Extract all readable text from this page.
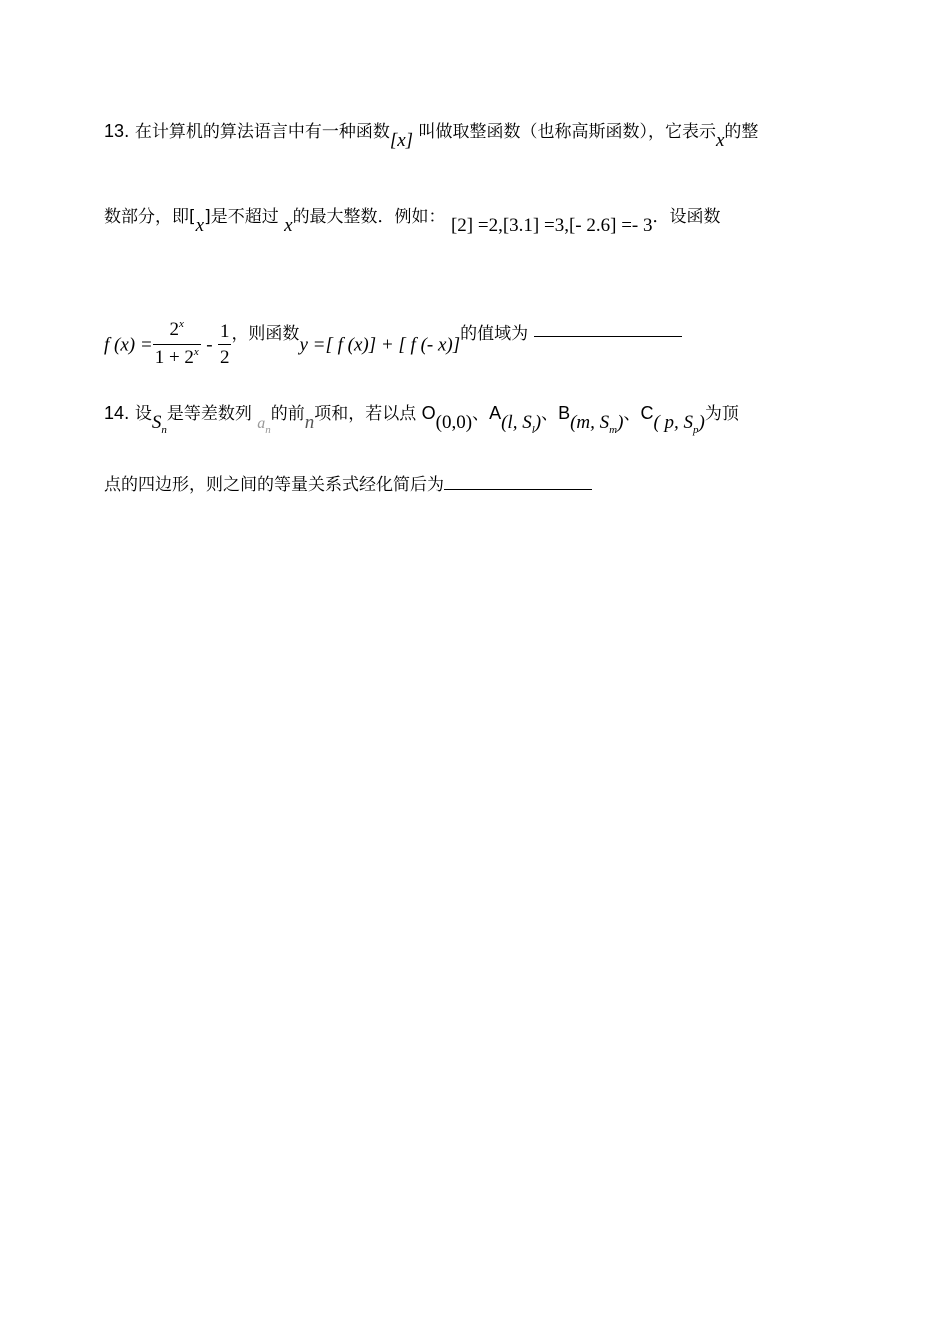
13. 在计算机的算法语言中有一种函数[x] 叫做取整函数（也称高斯函数），它表示x的整
数部分，即[x]是不超过 x的最大整数．例如： [2] =2,[3.1] =3,[- 2.6] =- 3．设函数
f $(x) = \frac{2^x}{1 + 2^x} - \frac{1}{2}$ ，则函数y =[ f (x)] + [ f (- x)]的值域为
14. 设$S_n$是等差数列 $a_n$的前n项和，若以点 O(0,0)、A(l, $S_l$)、B(m, $S_m$)、C( p, $S_p$)为顶
点的四边形，则之间的等量关系式经化简后为
